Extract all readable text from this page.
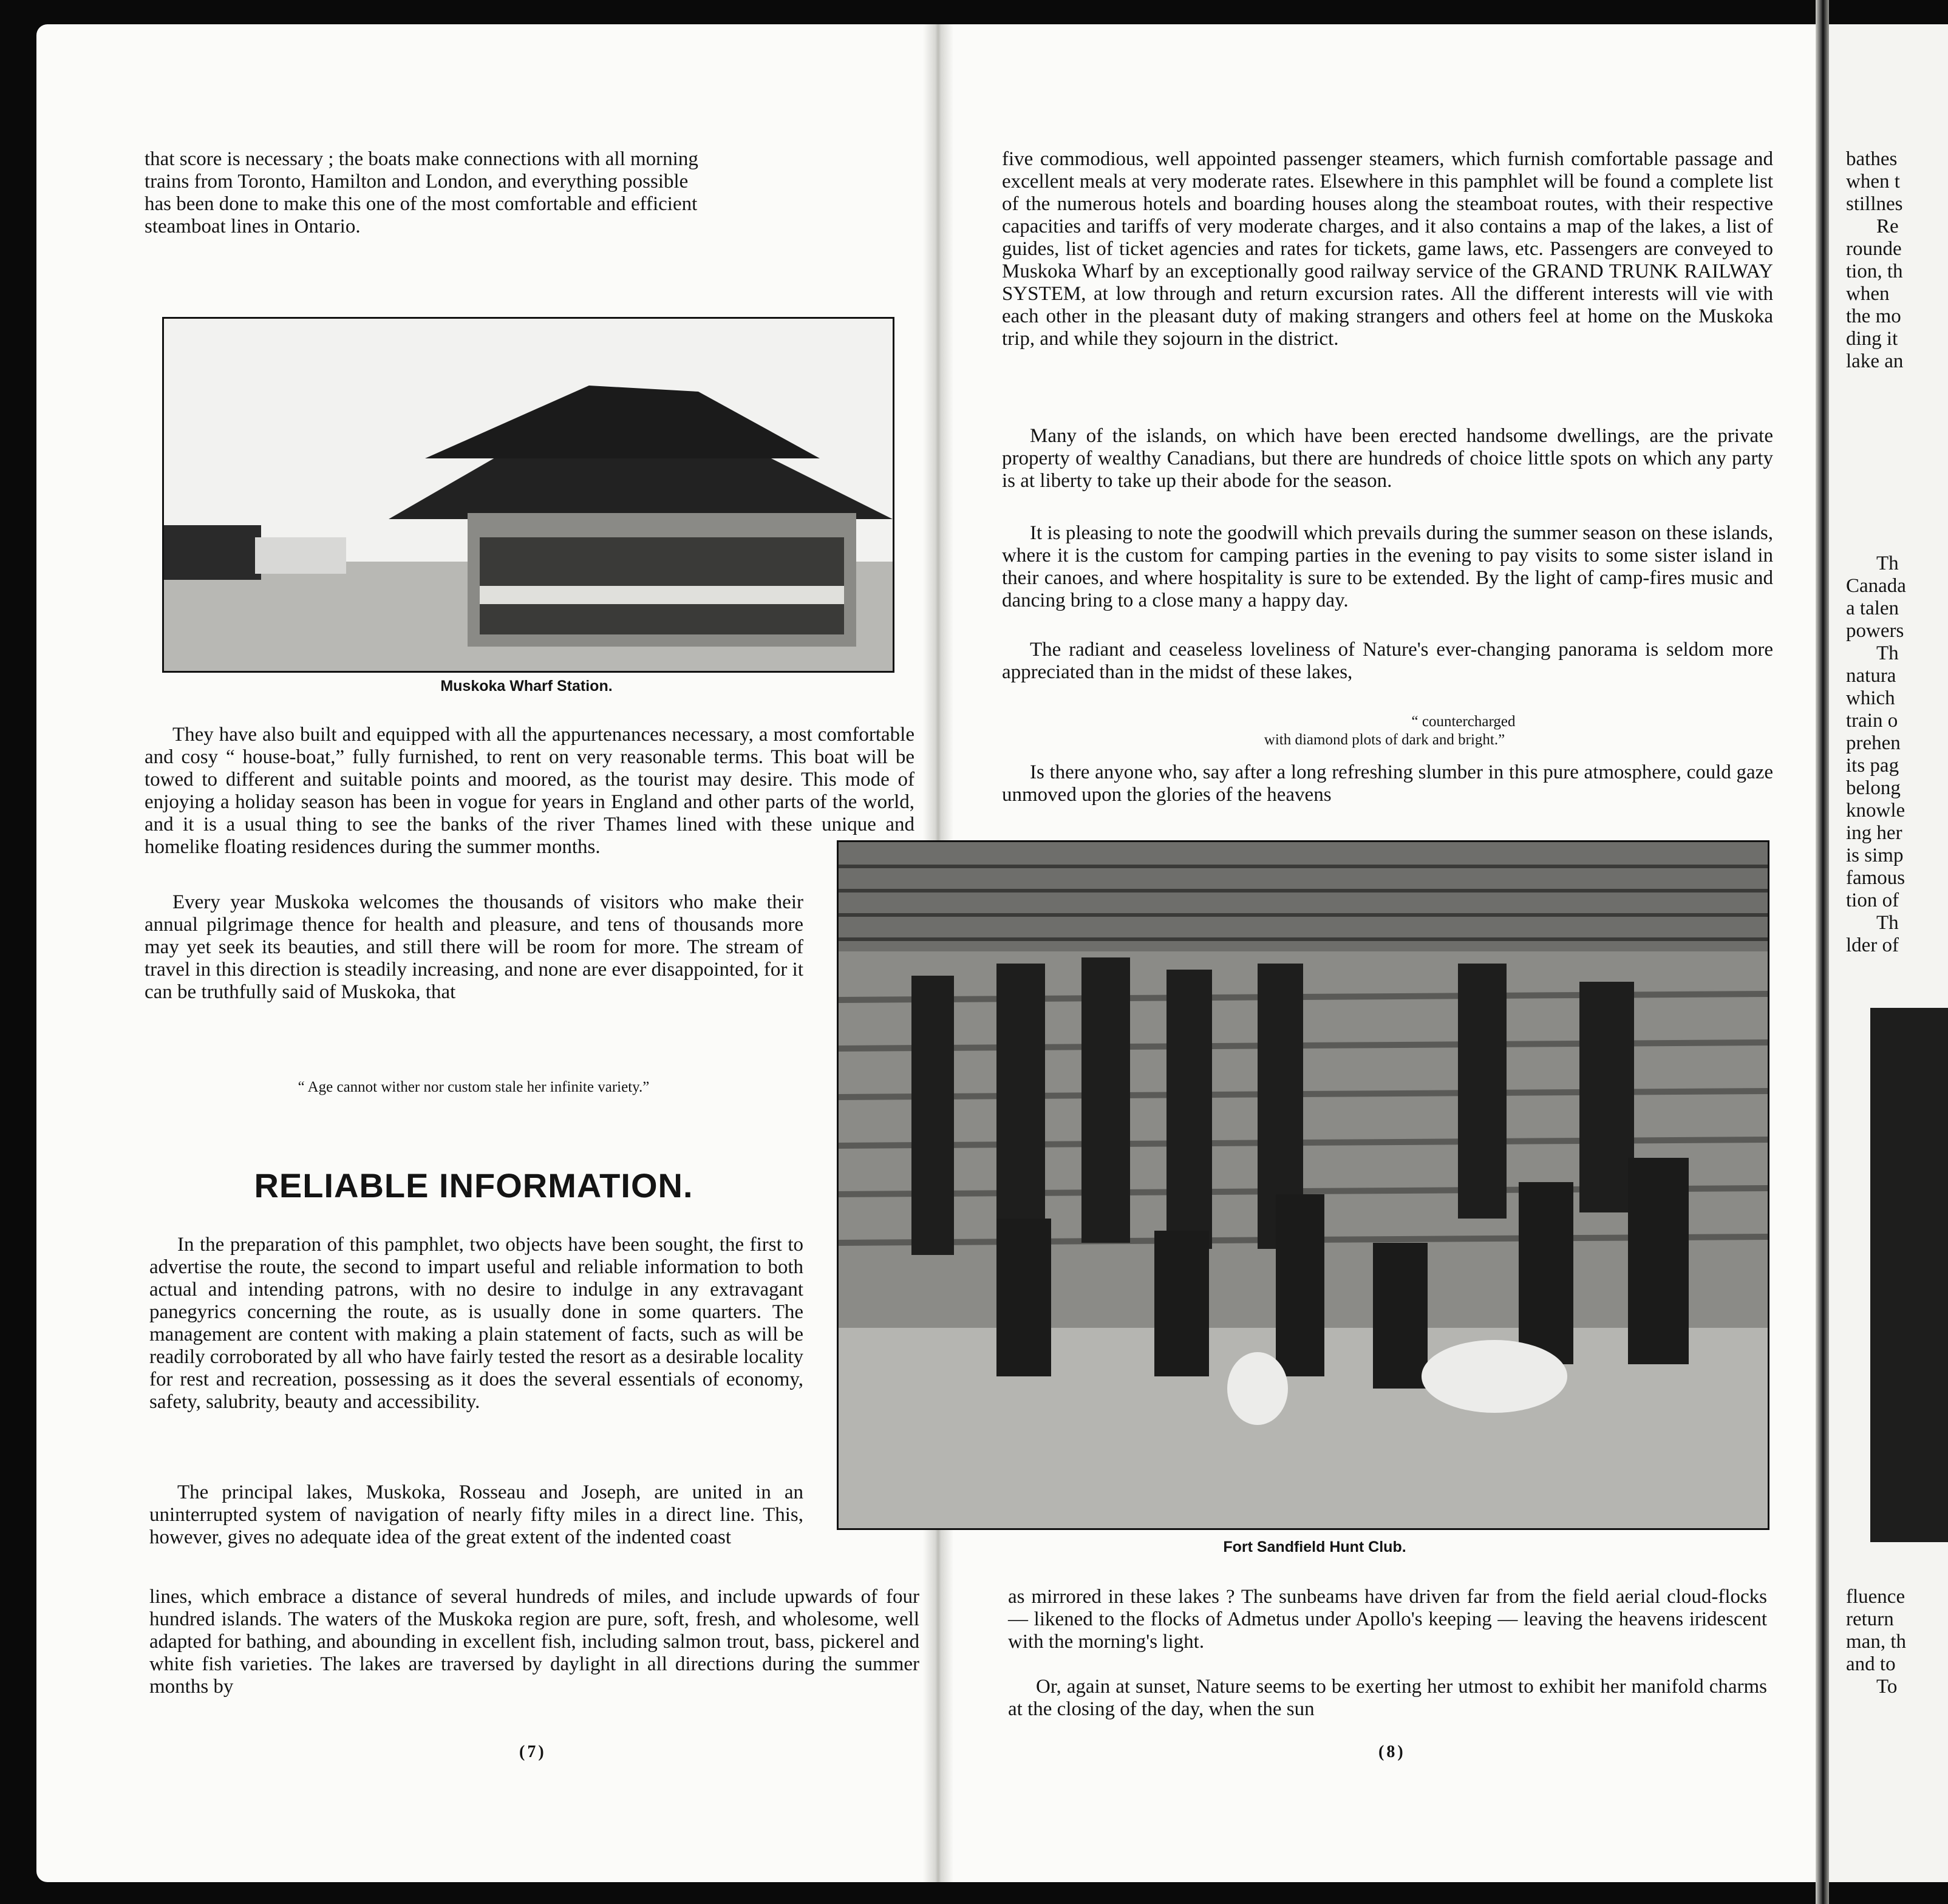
that score is necessary ; the boats make connections with all morning
trains from Toronto, Hamilton and London, and everything possible
has been done to make this one of the most comfortable and efficient
steamboat lines in Ontario.
Muskoka Wharf Station.

They have also built and equipped with all the appurtenances necessary, a most comfortable and cosy “ house-boat,” fully furnished, to rent on very reasonable terms. This boat will be towed to different and suitable points and moored, as the tourist may desire. This mode of enjoying a holiday season has been in vogue for years in England and other parts of the world, and it is a usual thing to see the banks of the river Thames lined with these unique and homelike floating residences during the summer months.

Every year Muskoka welcomes the thousands of visitors who make their annual pilgrimage thence for health and pleasure, and tens of thousands more may yet seek its beauties, and still there will be room for more. The stream of travel in this direction is steadily increasing, and none are ever disappointed, for it can be truthfully said of Muskoka, that

“ Age cannot wither nor custom stale her infinite variety.”
RELIABLE INFORMATION.

In the preparation of this pamphlet, two objects have been sought, the first to advertise the route, the second to impart useful and reliable information to both actual and intending patrons, with no desire to indulge in any extravagant panegyrics concerning the route, as is usually done in some quarters. The management are content with making a plain statement of facts, such as will be readily corroborated by all who have fairly tested the resort as a desirable locality for rest and recreation, possessing as it does the several essentials of economy, safety, salubrity, beauty and accessibility.

The principal lakes, Muskoka, Rosseau and Joseph, are united in an uninterrupted system of navigation of nearly fifty miles in a direct line. This, however, gives no adequate idea of the great extent of the indented coast

lines, which embrace a distance of several hundreds of miles, and include upwards of four hundred islands. The waters of the Muskoka region are pure, soft, fresh, and wholesome, well adapted for bathing, and abounding in excellent fish, including salmon trout, bass, pickerel and white fish varieties. The lakes are traversed by daylight in all directions during the summer months by

(7)

five commodious, well appointed passenger steamers, which furnish comfortable passage and excellent meals at very moderate rates. Elsewhere in this pamphlet will be found a complete list of the numerous hotels and boarding houses along the steamboat routes, with their respective capacities and tariffs of very moderate charges, and it also contains a map of the lakes, a list of guides, list of ticket agencies and rates for tickets, game laws, etc. Passengers are conveyed to Muskoka Wharf by an exceptionally good railway service of the GRAND TRUNK RAILWAY SYSTEM, at low through and return excursion rates. All the different interests will vie with each other in the pleasant duty of making strangers and others feel at home on the Muskoka trip, and while they sojourn in the district.

Many of the islands, on which have been erected handsome dwellings, are the private property of wealthy Canadians, but there are hundreds of choice little spots on which any party is at liberty to take up their abode for the season.

It is pleasing to note the goodwill which prevails during the summer season on these islands, where it is the custom for camping parties in the evening to pay visits to some sister island in their canoes, and where hospitality is sure to be extended. By the light of camp-fires music and dancing bring to a close many a happy day.

The radiant and ceaseless loveliness of Nature's ever-changing panorama is seldom more appreciated than in the midst of these lakes,

“ countercharged
with diamond plots of dark and bright.”

Is there anyone who, say after a long refreshing slumber in this pure atmosphere, could gaze unmoved upon the glories of the heavens

Fort Sandfield Hunt Club.

as mirrored in these lakes ? The sunbeams have driven far from the field aerial cloud-flocks — likened to the flocks of Admetus under Apollo's keeping — leaving the heavens iridescent with the morning's light.

Or, again at sunset, Nature seems to be exerting her utmost to exhibit her manifold charms at the closing of the day, when the sun

(8)
bathes
when t
stillnes
Re
rounde
tion, th
when
the mo
ding it
lake an
Th
Canada
a talen
powers
Th
natura
which
train o
prehen
its pag
belong
knowle
ing her
is simp
famous
tion of
Th
lder of
fluence
return
man, th
and to
To
